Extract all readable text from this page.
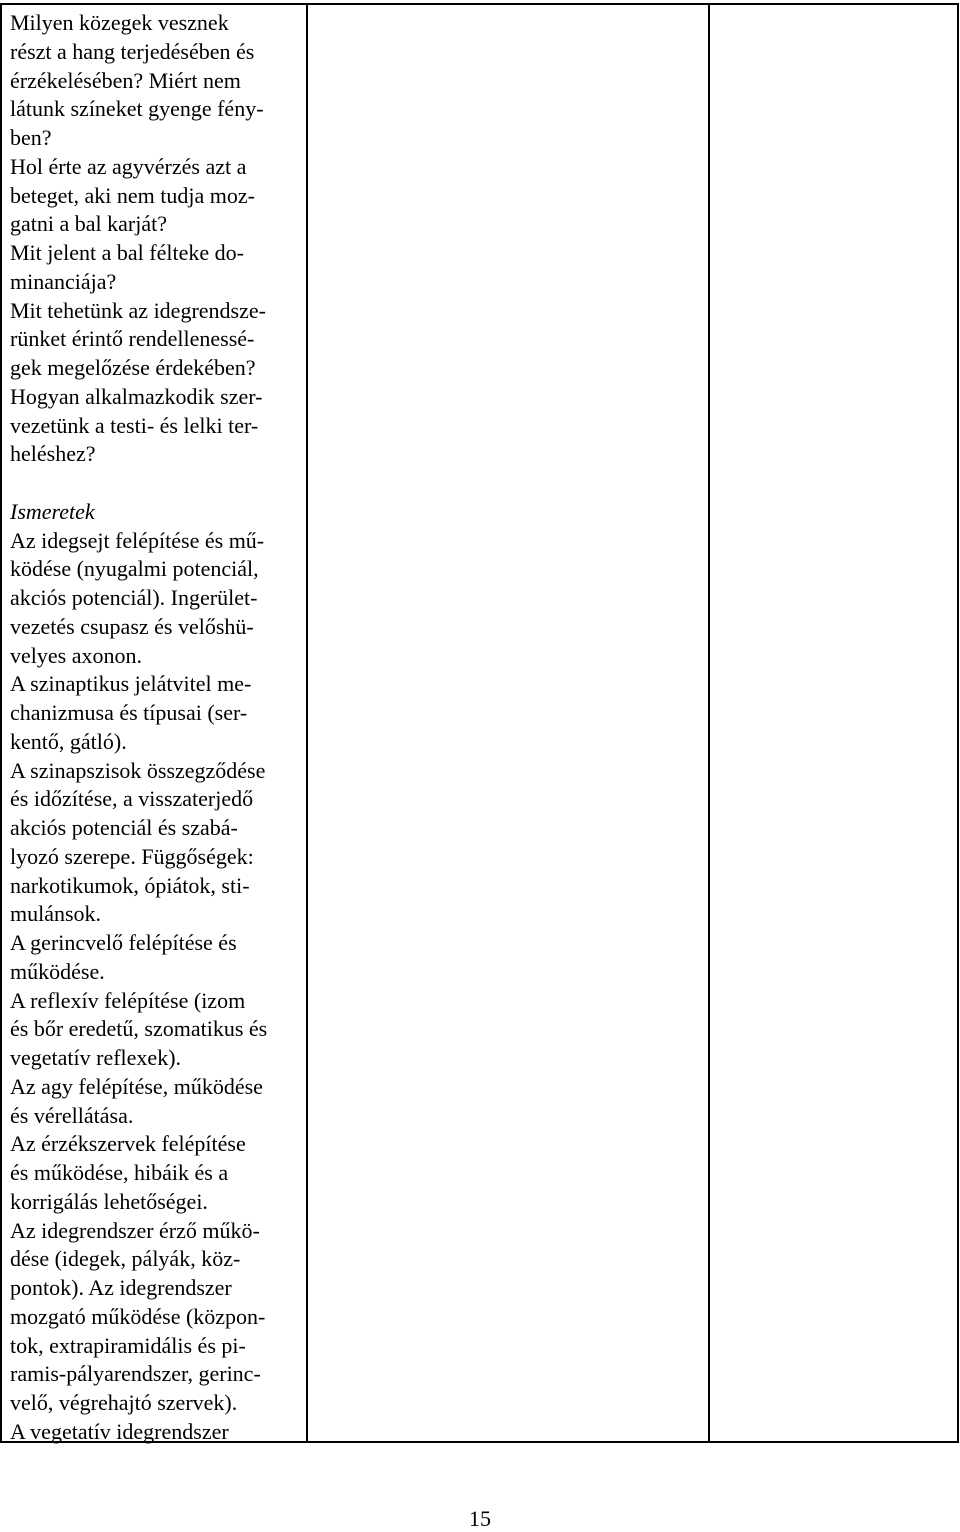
Milyen közegek vesznek
részt a hang terjedésében és
érzékelésében? Miért nem
látunk színeket gyenge fény-
ben?
Hol érte az agyvérzés azt a
beteget, aki nem tudja moz-
gatni a bal karját?
Mit jelent a bal félteke do-
minanciája?
Mit tehetünk az idegrendsze-
rünket érintő rendellenessé-
gek megelőzése érdekében?
Hogyan alkalmazkodik szer-
vezetünk a testi- és lelki ter-
heléshez?
Ismeretek
Az idegsejt felépítése és mű-
ködése (nyugalmi potenciál,
akciós potenciál). Ingerület-
vezetés csupasz és velőshü-
velyes axonon.
A szinaptikus jelátvitel me-
chanizmusa és típusai (ser-
kentő, gátló).
A szinapszisok összegződése
és időzítése, a visszaterjedő
akciós potenciál és szabá-
lyozó szerepe. Függőségek:
narkotikumok, ópiátok, sti-
mulánsok.
A gerincvelő felépítése és
működése.
A reflexív felépítése (izom
és bőr eredetű, szomatikus és
vegetatív reflexek).
Az agy felépítése, működése
és vérellátása.
Az érzékszervek felépítése
és működése, hibáik és a
korrigálás lehetőségei.
Az idegrendszer érző műkö-
dése (idegek, pályák, köz-
pontok). Az idegrendszer
mozgató működése (közpon-
tok, extrapiramidális és pi-
ramis-pályarendszer, gerinc-
velő, végrehajtó szervek).
A vegetatív idegrendszer
15
